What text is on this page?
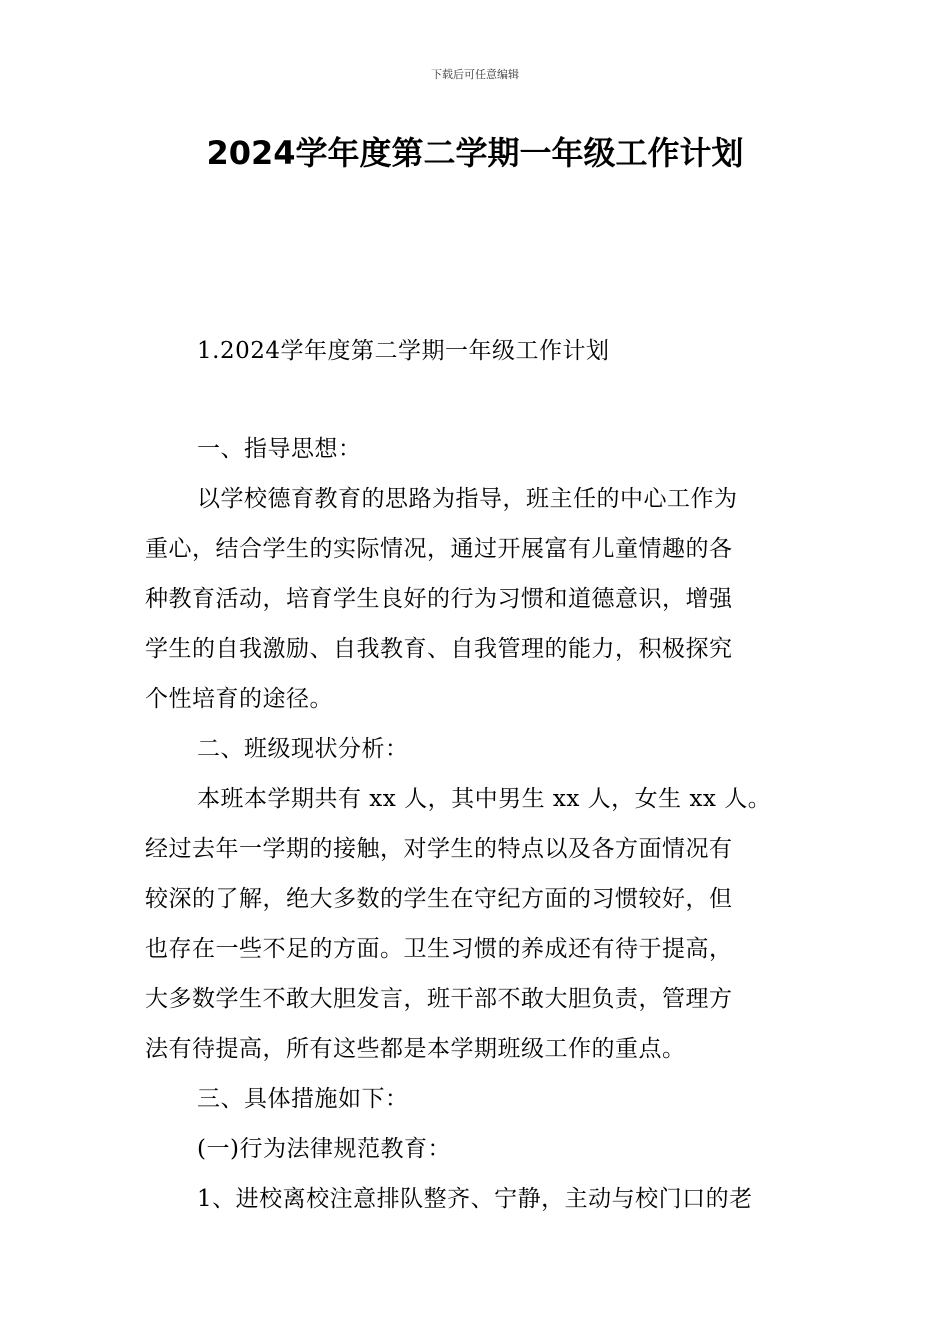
下载后可任意编辑
2024学年度第二学期一年级工作计划
1.2024学年度第二学期一年级工作计划
一、指导思想：
以学校德育教育的思路为指导，班主任的中心工作为
重心，结合学生的实际情况，通过开展富有儿童情趣的各
种教育活动，培育学生良好的行为习惯和道德意识，增强
学生的自我激励、自我教育、自我管理的能力，积极探究
个性培育的途径。
二、班级现状分析：
本班本学期共有 xx 人，其中男生 xx 人，女生 xx 人。
经过去年一学期的接触，对学生的特点以及各方面情况有
较深的了解，绝大多数的学生在守纪方面的习惯较好，但
也存在一些不足的方面。卫生习惯的养成还有待于提高，
大多数学生不敢大胆发言，班干部不敢大胆负责，管理方
法有待提高，所有这些都是本学期班级工作的重点。
三、具体措施如下：
(一)行为法律规范教育：
1、进校离校注意排队整齐、宁静，主动与校门口的老
